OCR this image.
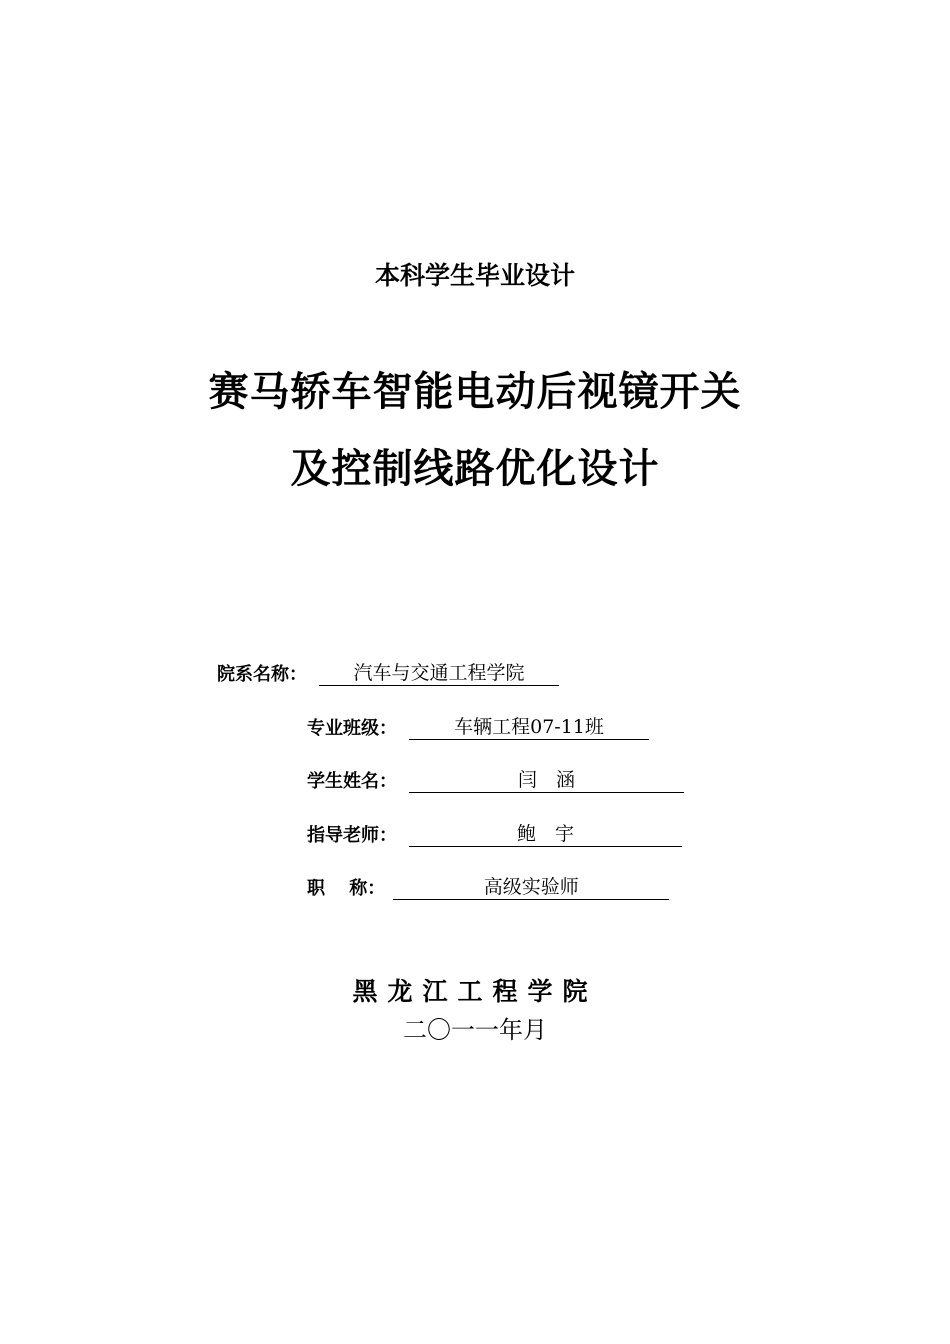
本科学生毕业设计
赛马轿车智能电动后视镜开关
及控制线路优化设计
院系名称：	汽车与交通工程学院
专业班级：	车辆工程07-11班
学生姓名：	闫　涵
指导老师：	鲍　宇
职　 称：	高级实验师
黑龙江工程学院
二〇一一年月
